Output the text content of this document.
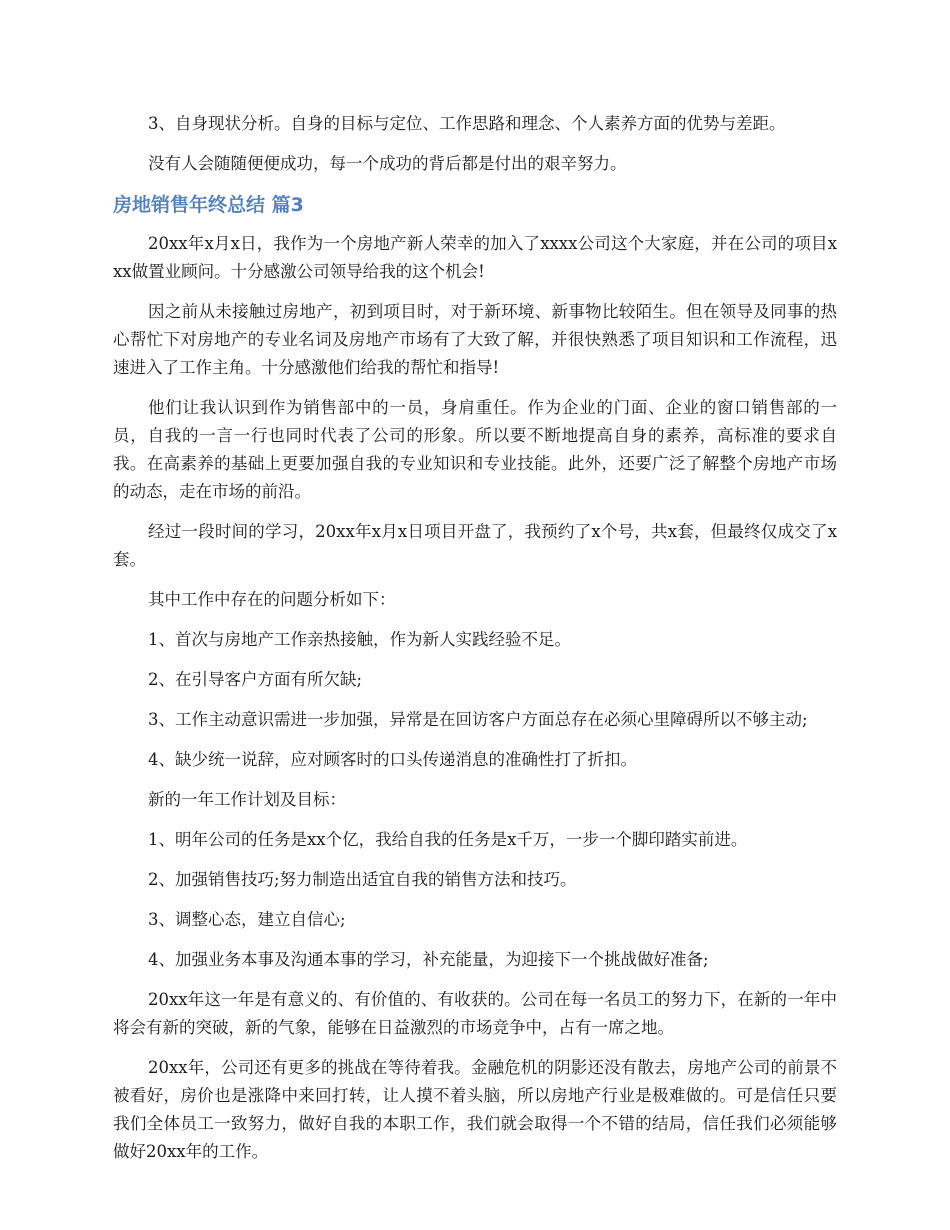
3、自身现状分析。自身的目标与定位、工作思路和理念、个人素养方面的优势与差距。

没有人会随随便便成功，每一个成功的背后都是付出的艰辛努力。

房地销售年终总结 篇3

20xx年x月x日，我作为一个房地产新人荣幸的加入了xxxx公司这个大家庭，并在公司的项目xxx做置业顾问。十分感激公司领导给我的这个机会!

因之前从未接触过房地产，初到项目时，对于新环境、新事物比较陌生。但在领导及同事的热心帮忙下对房地产的专业名词及房地产市场有了大致了解，并很快熟悉了项目知识和工作流程，迅速进入了工作主角。十分感激他们给我的帮忙和指导!

他们让我认识到作为销售部中的一员，身肩重任。作为企业的门面、企业的窗口销售部的一员，自我的一言一行也同时代表了公司的形象。所以要不断地提高自身的素养，高标准的要求自我。在高素养的基础上更要加强自我的专业知识和专业技能。此外，还要广泛了解整个房地产市场的动态，走在市场的前沿。

经过一段时间的学习，20xx年x月x日项目开盘了，我预约了x个号，共x套，但最终仅成交了x套。

其中工作中存在的问题分析如下：

1、首次与房地产工作亲热接触，作为新人实践经验不足。

2、在引导客户方面有所欠缺;

3、工作主动意识需进一步加强，异常是在回访客户方面总存在必须心里障碍所以不够主动;

4、缺少统一说辞，应对顾客时的口头传递消息的准确性打了折扣。

新的一年工作计划及目标：

1、明年公司的任务是xx个亿，我给自我的任务是x千万，一步一个脚印踏实前进。

2、加强销售技巧;努力制造出适宜自我的销售方法和技巧。

3、调整心态，建立自信心;

4、加强业务本事及沟通本事的学习，补充能量，为迎接下一个挑战做好准备;

20xx年这一年是有意义的、有价值的、有收获的。公司在每一名员工的努力下，在新的一年中将会有新的突破，新的气象，能够在日益激烈的市场竞争中，占有一席之地。

20xx年，公司还有更多的挑战在等待着我。金融危机的阴影还没有散去，房地产公司的前景不被看好，房价也是涨降中来回打转，让人摸不着头脑，所以房地产行业是极难做的。可是信任只要我们全体员工一致努力，做好自我的本职工作，我们就会取得一个不错的结局，信任我们必须能够做好20xx年的工作。
